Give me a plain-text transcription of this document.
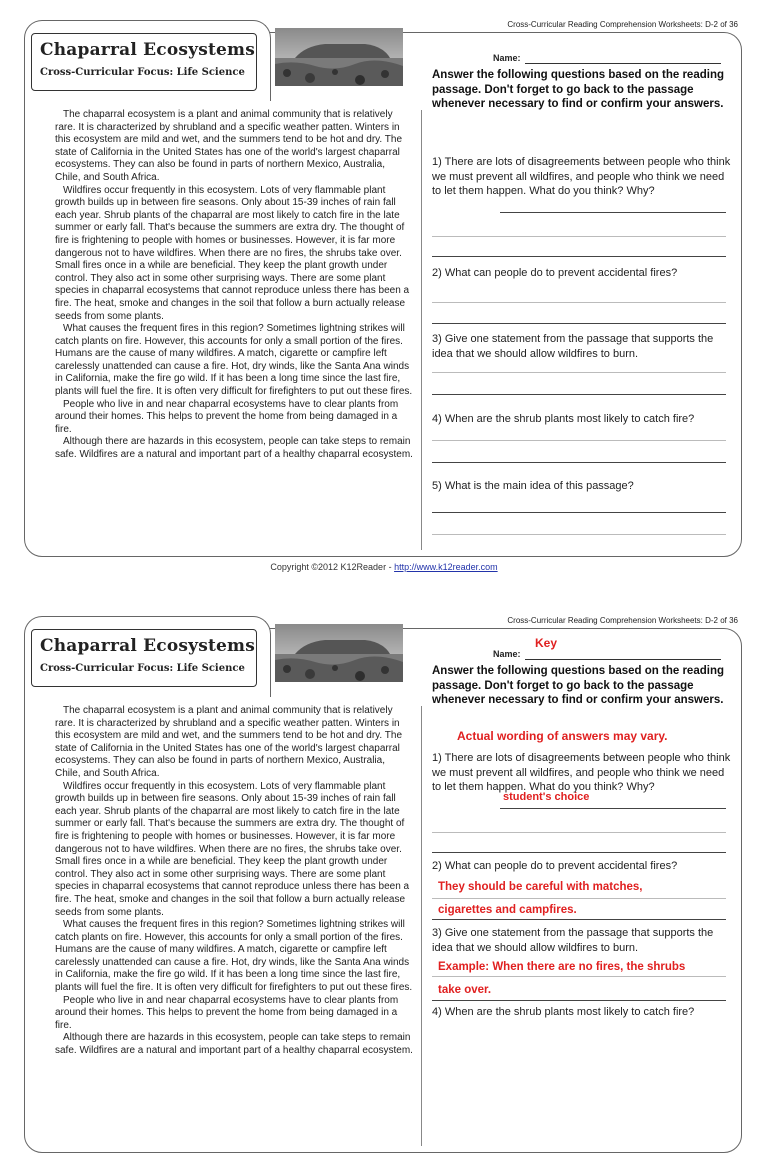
Cross-Curricular Reading Comprehension Worksheets: D-2 of 36
Chaparral Ecosystems
Cross-Curricular Focus: Life Science
Name:
Answer the following questions based on the reading passage. Don't forget to go back to the passage whenever necessary to find or confirm your answers.

The chaparral ecosystem is a plant and animal community that is relatively rare. It is characterized by shrubland and a specific weather patten. Winters in this ecosystem are mild and wet, and the summers tend to be hot and dry. The state of California in the United States has one of the world's largest chaparral ecosystems. They can also be found in parts of northern Mexico, Australia, Chile, and South Africa.

Wildfires occur frequently in this ecosystem. Lots of very flammable plant growth builds up in between fire seasons. Only about 15-39 inches of rain fall each year. Shrub plants of the chaparral are most likely to catch fire in the late summer or early fall. That's because the summers are extra dry. The thought of fire is frightening to people with homes or businesses. However, it is far more dangerous not to have wildfires. When there are no fires, the shrubs take over. Small fires once in a while are beneficial. They keep the plant growth under control. They also act in some other surprising ways. There are some plant species in chaparral ecosystems that cannot reproduce unless there has been a fire. The heat, smoke and changes in the soil that follow a burn actually release seeds from some plants.

What causes the frequent fires in this region? Sometimes lightning strikes will catch plants on fire. However, this accounts for only a small portion of the fires. Humans are the cause of many wildfires. A match, cigarette or campfire left carelessly unattended can cause a fire. Hot, dry winds, like the Santa Ana winds in California, make the fire go wild. If it has been a long time since the last fire, plants will fuel the fire. It is often very difficult for firefighters to put out these fires.

People who live in and near chaparral ecosystems have to clear plants from around their homes. This helps to prevent the home from being damaged in a fire.

Although there are hazards in this ecosystem, people can take steps to remain safe. Wildfires are a natural and important part of a healthy chaparral ecosystem.

1) There are lots of disagreements between people who think we must prevent all wildfires, and people who think we need to let them happen. What do you think? Why?
2) What can people do to prevent accidental fires?
3) Give one statement from the passage that supports the idea that we should allow wildfires to burn.
4) When are the shrub plants most likely to catch fire?
5) What is the main idea of this passage?
Copyright ©2012 K12Reader - http://www.k12reader.com
Cross-Curricular Reading Comprehension Worksheets: D-2 of 36
Chaparral Ecosystems
Cross-Curricular Focus: Life Science
Name:
Key
Answer the following questions based on the reading passage. Don't forget to go back to the passage whenever necessary to find or confirm your answers.
Actual wording of answers may vary.

The chaparral ecosystem is a plant and animal community that is relatively rare. It is characterized by shrubland and a specific weather patten. Winters in this ecosystem are mild and wet, and the summers tend to be hot and dry. The state of California in the United States has one of the world's largest chaparral ecosystems. They can also be found in parts of northern Mexico, Australia, Chile, and South Africa.

Wildfires occur frequently in this ecosystem. Lots of very flammable plant growth builds up in between fire seasons. Only about 15-39 inches of rain fall each year. Shrub plants of the chaparral are most likely to catch fire in the late summer or early fall. That's because the summers are extra dry. The thought of fire is frightening to people with homes or businesses. However, it is far more dangerous not to have wildfires. When there are no fires, the shrubs take over. Small fires once in a while are beneficial. They keep the plant growth under control. They also act in some other surprising ways. There are some plant species in chaparral ecosystems that cannot reproduce unless there has been a fire. The heat, smoke and changes in the soil that follow a burn actually release seeds from some plants.

What causes the frequent fires in this region? Sometimes lightning strikes will catch plants on fire. However, this accounts for only a small portion of the fires. Humans are the cause of many wildfires. A match, cigarette or campfire left carelessly unattended can cause a fire. Hot, dry winds, like the Santa Ana winds in California, make the fire go wild. If it has been a long time since the last fire, plants will fuel the fire. It is often very difficult for firefighters to put out these fires.

People who live in and near chaparral ecosystems have to clear plants from around their homes. This helps to prevent the home from being damaged in a fire.

Although there are hazards in this ecosystem, people can take steps to remain safe. Wildfires are a natural and important part of a healthy chaparral ecosystem.

1) There are lots of disagreements between people who think we must prevent all wildfires, and people who think we need to let them happen. What do you think? Why?
student's choice
2) What can people do to prevent accidental fires?
They should be careful with matches,
cigarettes and campfires.
3) Give one statement from the passage that supports the idea that we should allow wildfires to burn.
Example: When there are no fires, the shrubs
take over.
4) When are the shrub plants most likely to catch fire?
